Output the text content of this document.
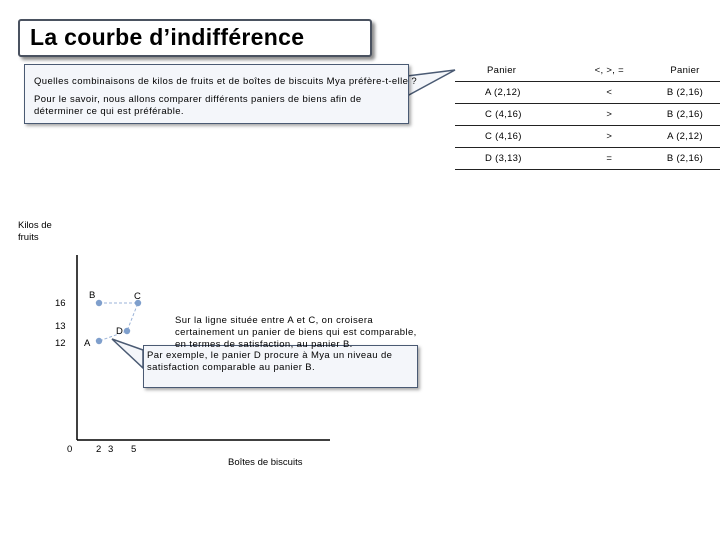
La courbe d’indifférence
Quelles combinaisons de kilos de fruits et de boîtes de biscuits Mya préfère-t-elle ?
Pour le savoir, nous allons comparer différents paniers de biens afin de déterminer ce qui est préférable.
Panier	<, >, =	Panier
A (2,12)	<	B (2,16)
C (4,16)	>	B (2,16)
C (4,16)	>	A (2,12)
D (3,13)	=	B (2,16)
Kilos de fruits
Boîtes de biscuits
16
13
12
0 2 3 5
B	C
D
A
Par exemple, le panier D procure à Mya un niveau de satisfaction comparable au panier B.
Sur la ligne située entre A et C, on croisera certainement un panier de biens qui est comparable, en termes de satisfaction, au panier B.
